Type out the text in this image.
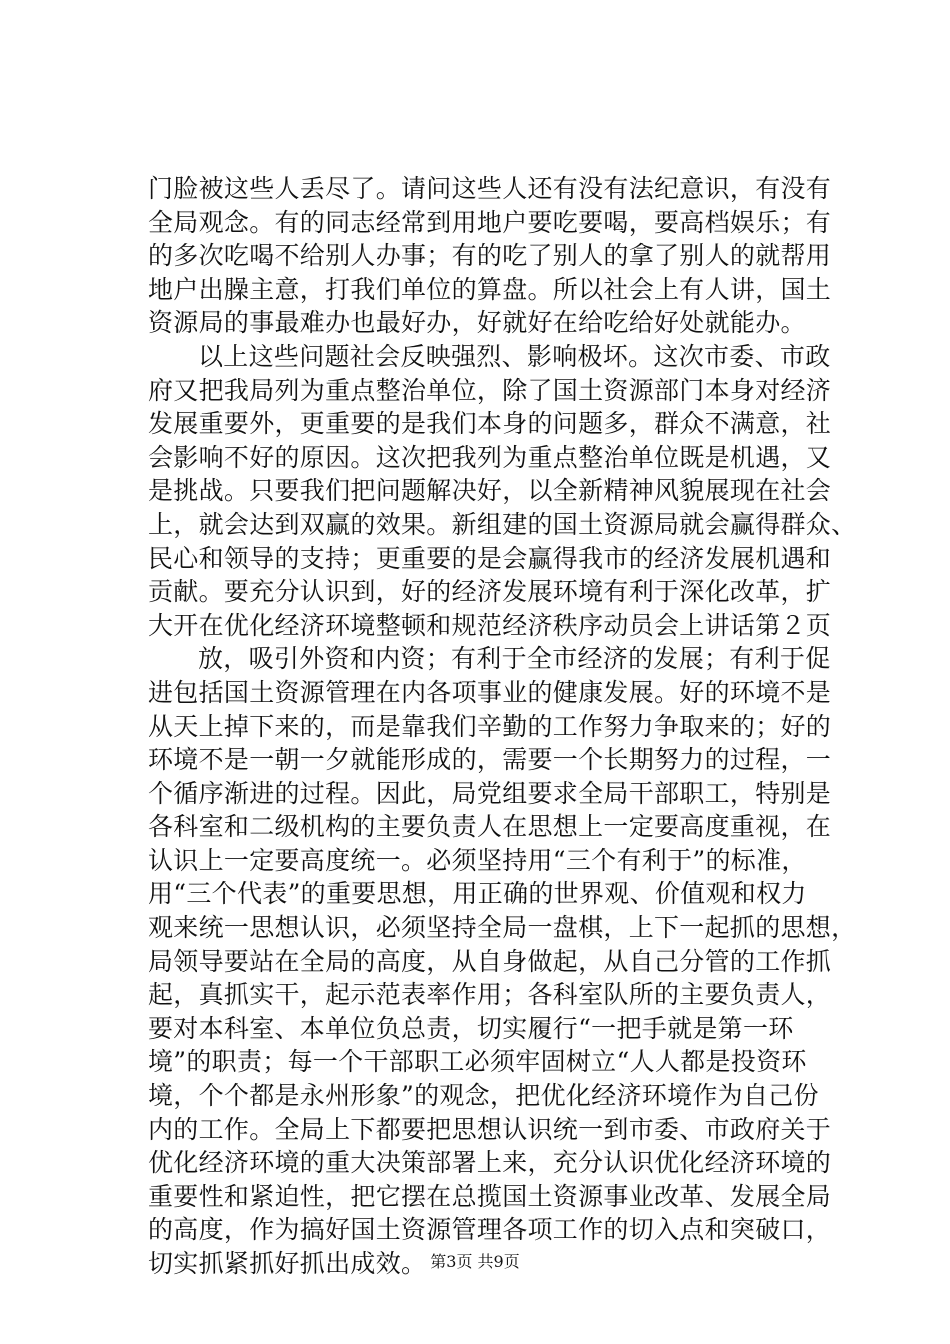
门脸被这些人丢尽了。请问这些人还有没有法纪意识，有没有
全局观念。有的同志经常到用地户要吃要喝，要高档娱乐；有
的多次吃喝不给别人办事；有的吃了别人的拿了别人的就帮用
地户出臊主意，打我们单位的算盘。所以社会上有人讲，国土
资源局的事最难办也最好办，好就好在给吃给好处就能办。
以上这些问题社会反映强烈、影响极坏。这次市委、市政
府又把我局列为重点整治单位，除了国土资源部门本身对经济
发展重要外，更重要的是我们本身的问题多，群众不满意，社
会影响不好的原因。这次把我列为重点整治单位既是机遇，又
是挑战。只要我们把问题解决好，以全新精神风貌展现在社会
上，就会达到双赢的效果。新组建的国土资源局就会赢得群众、
民心和领导的支持；更重要的是会赢得我市的经济发展机遇和
贡献。要充分认识到，好的经济发展环境有利于深化改革，扩
大开在优化经济环境整顿和规范经济秩序动员会上讲话第２页
放，吸引外资和内资；有利于全市经济的发展；有利于促
进包括国土资源管理在内各项事业的健康发展。好的环境不是
从天上掉下来的，而是靠我们辛勤的工作努力争取来的；好的
环境不是一朝一夕就能形成的，需要一个长期努力的过程，一
个循序渐进的过程。因此，局党组要求全局干部职工，特别是
各科室和二级机构的主要负责人在思想上一定要高度重视，在
认识上一定要高度统一。必须坚持用“三个有利于”的标准，
用“三个代表”的重要思想，用正确的世界观、价值观和权力
观来统一思想认识，必须坚持全局一盘棋，上下一起抓的思想，
局领导要站在全局的高度，从自身做起，从自己分管的工作抓
起，真抓实干，起示范表率作用；各科室队所的主要负责人，
要对本科室、本单位负总责，切实履行“一把手就是第一环
境”的职责；每一个干部职工必须牢固树立“人人都是投资环
境，个个都是永州形象”的观念，把优化经济环境作为自己份
内的工作。全局上下都要把思想认识统一到市委、市政府关于
优化经济环境的重大决策部署上来，充分认识优化经济环境的
重要性和紧迫性，把它摆在总揽国土资源事业改革、发展全局
的高度，作为搞好国土资源管理各项工作的切入点和突破口，
切实抓紧抓好抓出成效。 第3页 共9页
